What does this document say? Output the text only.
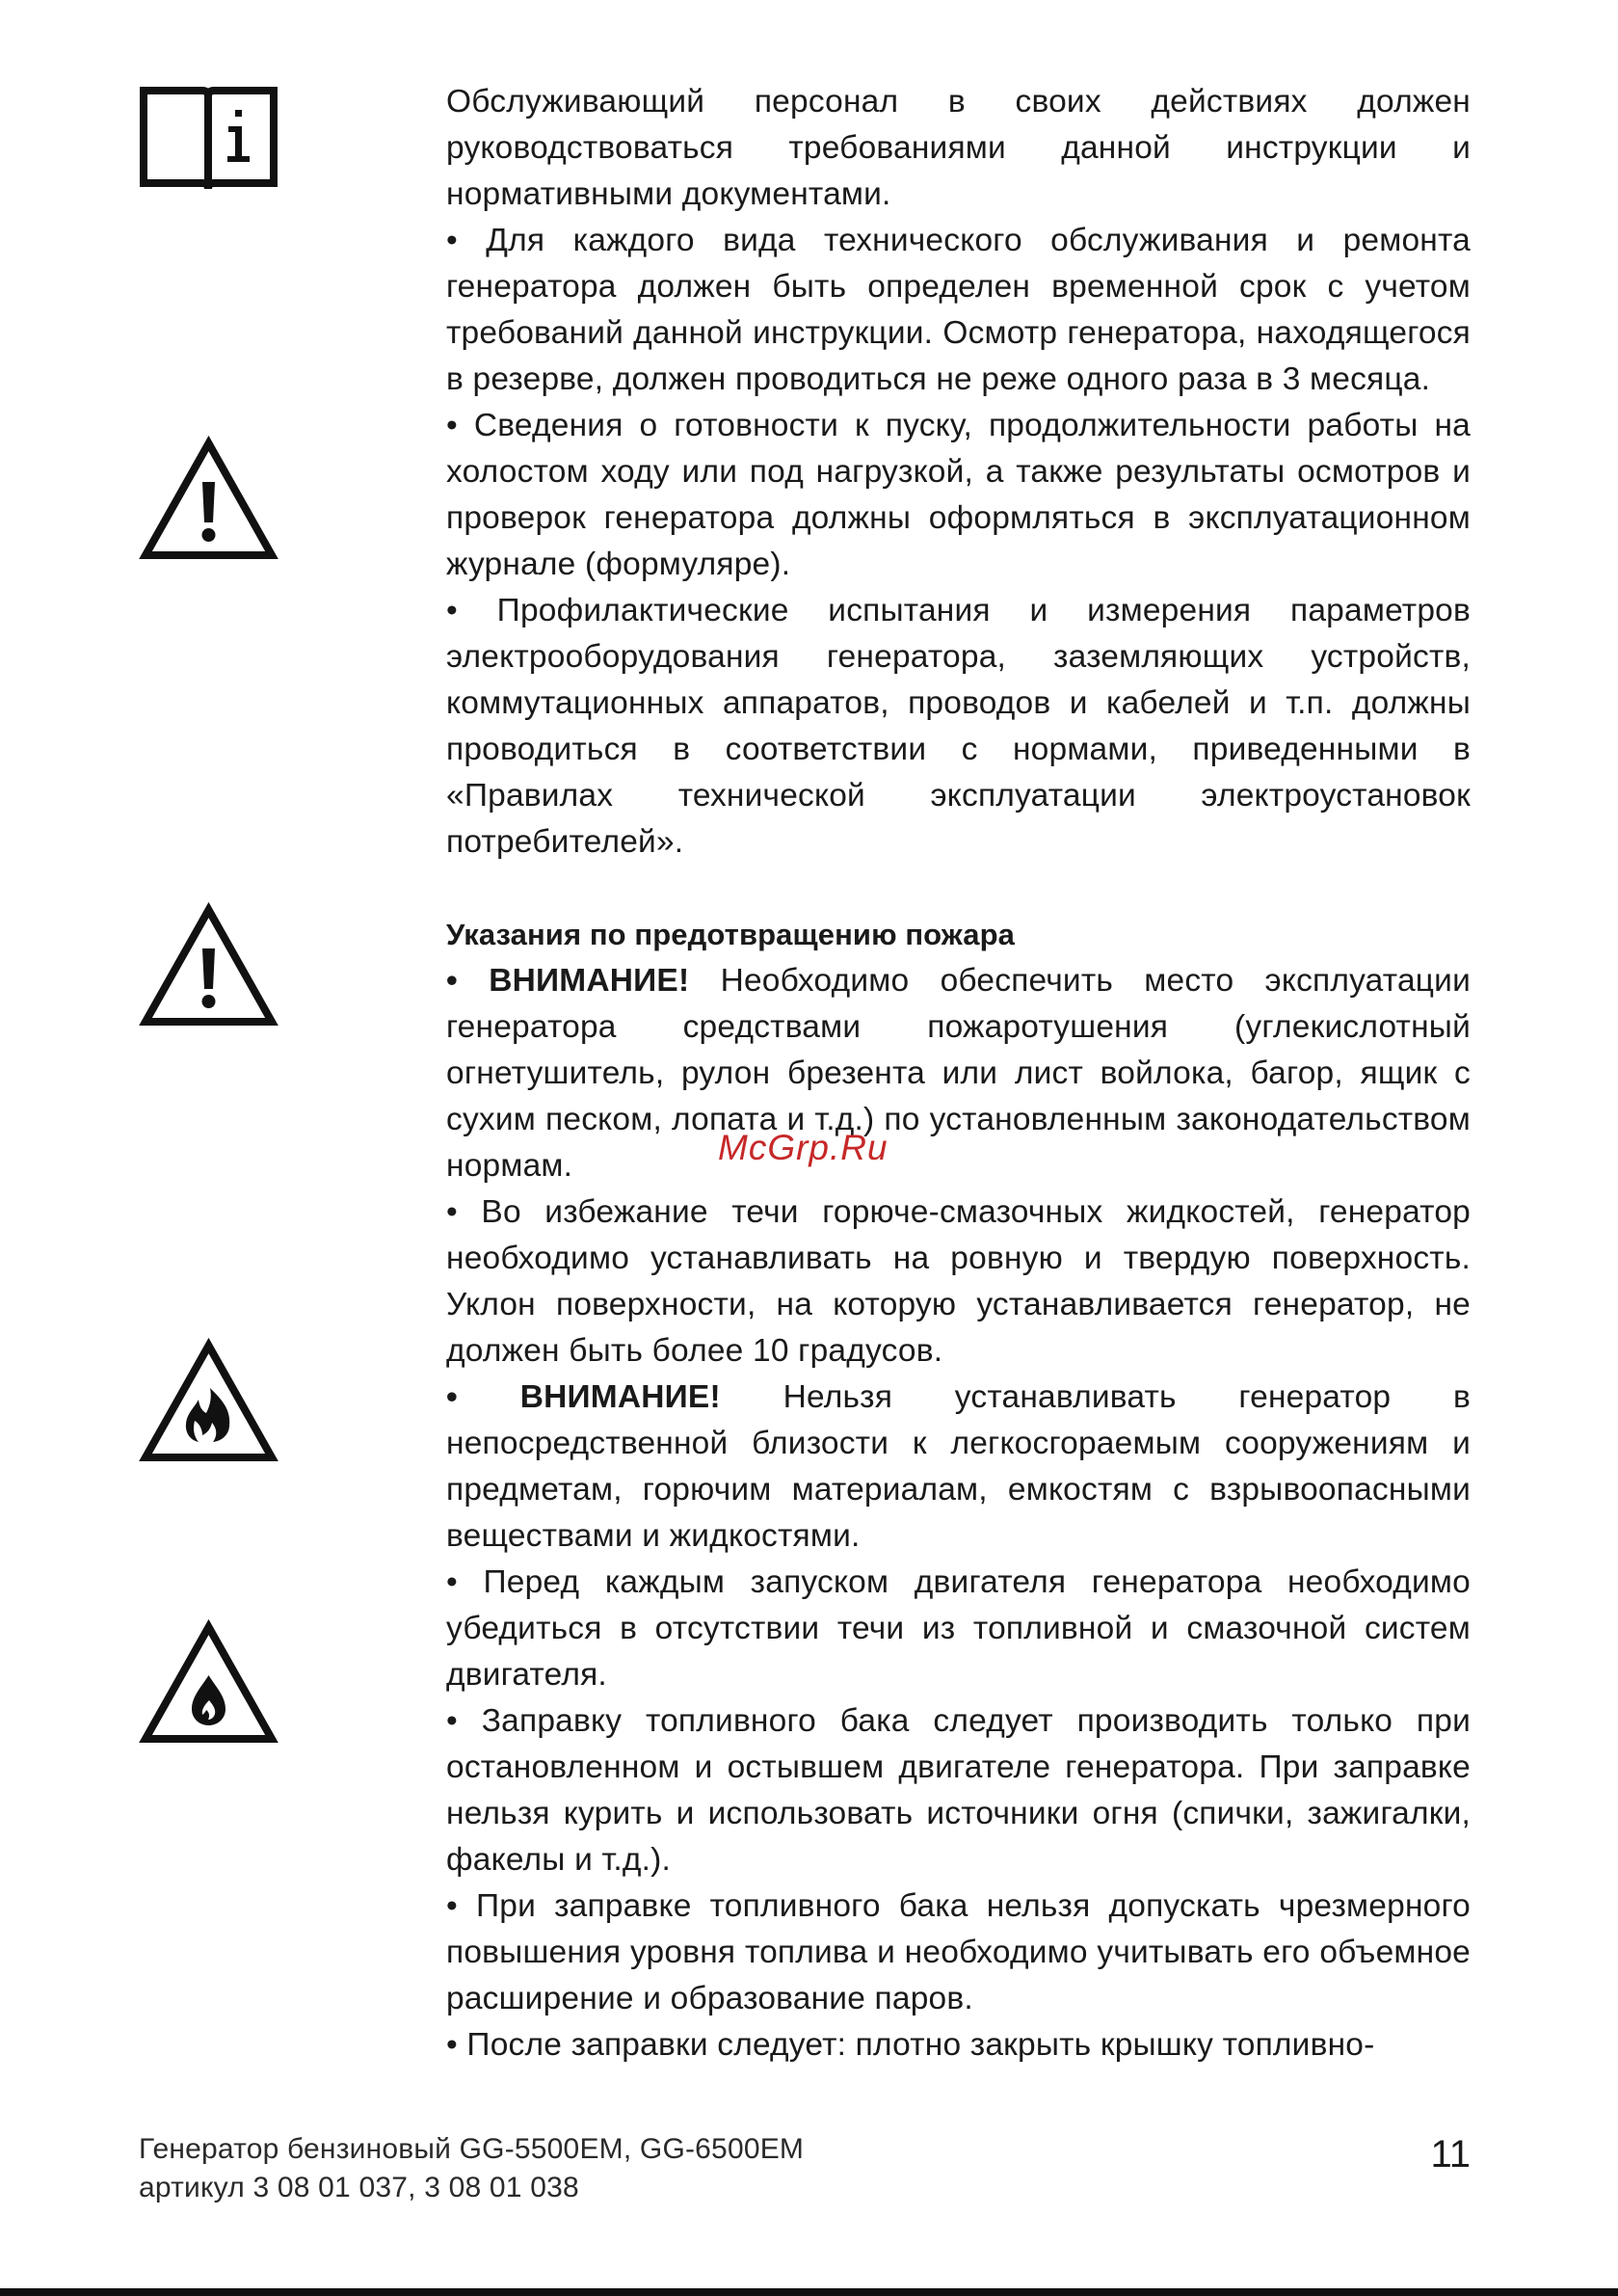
Обслуживающий персонал в своих действиях должен руководствоваться требованиями данной инструкции и нормативными документами.

• Для каждого вида технического обслуживания и ремонта генератора должен быть определен временной срок с учетом требований данной инструкции. Осмотр генератора, находящегося в резерве, должен проводиться не реже одного раза в 3 месяца.

• Сведения о готовности к пуску, продолжительности работы на холостом ходу или под нагрузкой, а также результаты осмотров и проверок генератора должны оформляться в эксплуатационном журнале (формуляре).

• Профилактические испытания и измерения параметров электрооборудования генератора, заземляющих устройств, коммутационных аппаратов, проводов и кабелей и т.п. должны проводиться в соответствии с нормами, приведенными в «Правилах технической эксплуатации электроустановок потребителей».

Указания по предотвращению пожара

• ВНИМАНИЕ! Необходимо обеспечить место эксплуатации генератора средствами пожаротушения (углекислотный огнетушитель, рулон брезента или лист войлока, багор, ящик с сухим песком, лопата и т.д.) по установленным законодательством нормам.

• Во избежание течи горюче-смазочных жидкостей, генератор необходимо устанавливать на ровную и твердую поверхность. Уклон поверхности, на которую устанавливается генератор, не должен быть более 10 градусов.

• ВНИМАНИЕ! Нельзя устанавливать генератор в непосредственной близости к легкосгораемым сооружениям и предметам, горючим материалам, емкостям с взрывоопасными веществами и жидкостями.

• Перед каждым запуском двигателя генератора необходимо убедиться в отсутствии течи из топливной и смазочной систем двигателя.

• Заправку топливного бака следует производить только при остановленном и остывшем двигателе генератора. При заправке нельзя курить и использовать источники огня (спички, зажигалки, факелы и т.д.).

• При заправке топливного бака нельзя допускать чрезмерного повышения уровня топлива и необходимо учитывать его объемное расширение и образование паров.

• После заправки следует: плотно закрыть крышку топливно-

McGrp.Ru
Генератор бензиновый GG-5500EM, GG-6500EM
артикул 3 08 01 037, 3 08 01 038
11
